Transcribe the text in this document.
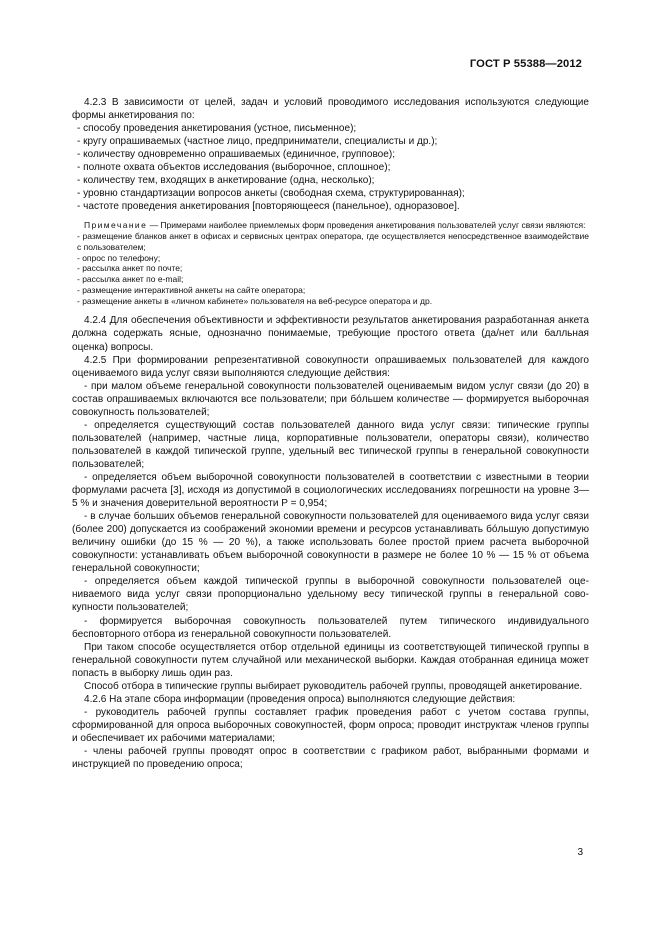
ГОСТ Р 55388—2012

4.2.3 В зависимости от целей, задач и условий проводимого исследования используются следующие формы анкетирования по:

- способу проведения анкетирования (устное, письменное);

- кругу опрашиваемых (частное лицо, предприниматели, специалисты и др.);

- количеству одновременно опрашиваемых (единичное, групповое);

- полноте охвата объектов исследования (выборочное, сплошное);

- количеству тем, входящих в анкетирование (одна, несколько);

- уровню стандартизации вопросов анкеты (свободная схема, структурированная);

- частоте проведения анкетирования [повторяющееся (панельное), одноразовое].

Примечание — Примерами наиболее приемлемых форм проведения анкетирования пользователей услуг связи являются:

- размещение бланков анкет в офисах и сервисных центрах оператора, где осуществляется непосредственное взаимодействие с пользователем;

- опрос по телефону;

- рассылка анкет по почте;

- рассылка анкет по e-mail;

- размещение интерактивной анкеты на сайте оператора;

- размещение анкеты в «личном кабинете» пользователя на веб-ресурсе оператора и др.

4.2.4 Для обеспечения объективности и эффективности результатов анкетирования разработанная анкета должна содержать ясные, однозначно понимаемые, требующие простого ответа (да/нет или балльная оценка) вопросы.

4.2.5 При формировании репрезентативной совокупности опрашиваемых пользователей для каждого оцениваемого вида услуг связи выполняются следующие действия:

- при малом объеме генеральной совокупности пользователей оцениваемым видом услуг связи (до 20) в состав опрашиваемых включаются все пользователи; при бóльшем количестве — формируется выборочная совокупность пользователей;

- определяется существующий состав пользователей данного вида услуг связи: типические группы пользователей (например, частные лица, корпоративные пользователи, операторы связи), количество пользователей в каждой типической группе, удельный вес типической группы в генеральной совокупности пользователей;

- определяется объем выборочной совокупности пользователей в соответствии с известными в теории формулами расчета [3], исходя из допустимой в социологических исследованиях погрешности на уровне 3—5 % и значения доверительной вероятности P = 0,954;

- в случае больших объемов генеральной совокупности пользователей для оцениваемого вида услуг связи (более 200) допускается из соображений экономии времени и ресурсов устанавливать бóльшую допустимую величину ошибки (до 15 % — 20 %), а также использовать более простой прием расчета выборочной совокупности: устанавливать объем выборочной совокупности в размере не более 10 % — 15 % от объема генеральной совокупности;

- определяется объем каждой типической группы в выборочной совокупности пользователей оцениваемого вида услуг связи пропорционально удельному весу типической группы в генеральной совокупности пользователей;

- формируется выборочная совокупность пользователей путем типического индивидуального бесповторного отбора из генеральной совокупности пользователей.

При таком способе осуществляется отбор отдельной единицы из соответствующей типической группы в генеральной совокупности путем случайной или механической выборки. Каждая отобранная единица может попасть в выборку лишь один раз.

Способ отбора в типические группы выбирает руководитель рабочей группы, проводящей анкетирование.

4.2.6 На этапе сбора информации (проведения опроса) выполняются следующие действия:

- руководитель рабочей группы составляет график проведения работ с учетом состава группы, сформированной для опроса выборочных совокупностей, форм опроса; проводит инструктаж членов группы и обеспечивает их рабочими материалами;

- члены рабочей группы проводят опрос в соответствии с графиком работ, выбранными формами и инструкцией по проведению опроса;

3
